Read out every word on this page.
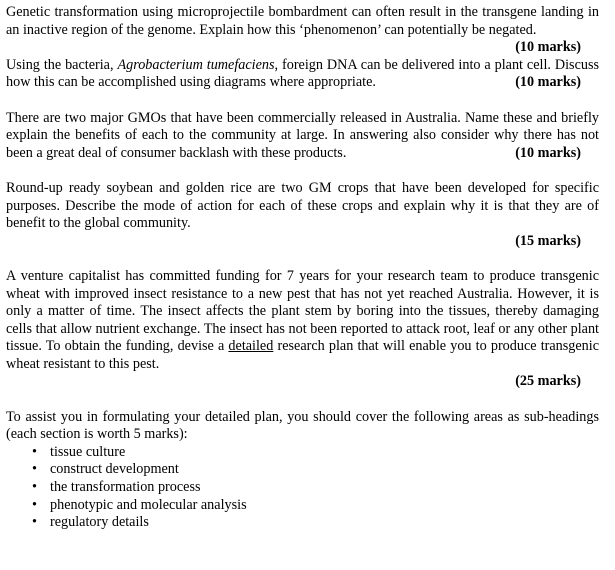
Genetic transformation using microprojectile bombardment can often result in the transgene landing in an inactive region of the genome. Explain how this ‘phenomenon’ can potentially be negated.
(10 marks)

Using the bacteria, Agrobacterium tumefaciens, foreign DNA can be delivered into a plant cell. Discuss how this can be accomplished using diagrams where appropriate.	(10 marks)

There are two major GMOs that have been commercially released in Australia. Name these and briefly explain the benefits of each to the community at large. In answering also consider why there has not been a great deal of consumer backlash with these products.	(10 marks)

Round-up ready soybean and golden rice are two GM crops that have been developed for specific purposes. Describe the mode of action for each of these crops and explain why it is that they are of benefit to the global community.
(15 marks)
A venture capitalist has committed funding for 7 years for your research team to produce transgenic wheat with improved insect resistance to a new pest that has not yet reached Australia. However, it is only a matter of time. The insect affects the plant stem by boring into the tissues, thereby damaging cells that allow nutrient exchange. The insect has not been reported to attack root, leaf or any other plant tissue. To obtain the funding, devise a detailed research plan that will enable you to produce transgenic wheat resistant to this pest.
(25 marks)
To assist you in formulating your detailed plan, you should cover the following areas as sub-headings (each section is worth 5 marks):
• tissue culture
• construct development
• the transformation process
• phenotypic and molecular analysis
• regulatory details
